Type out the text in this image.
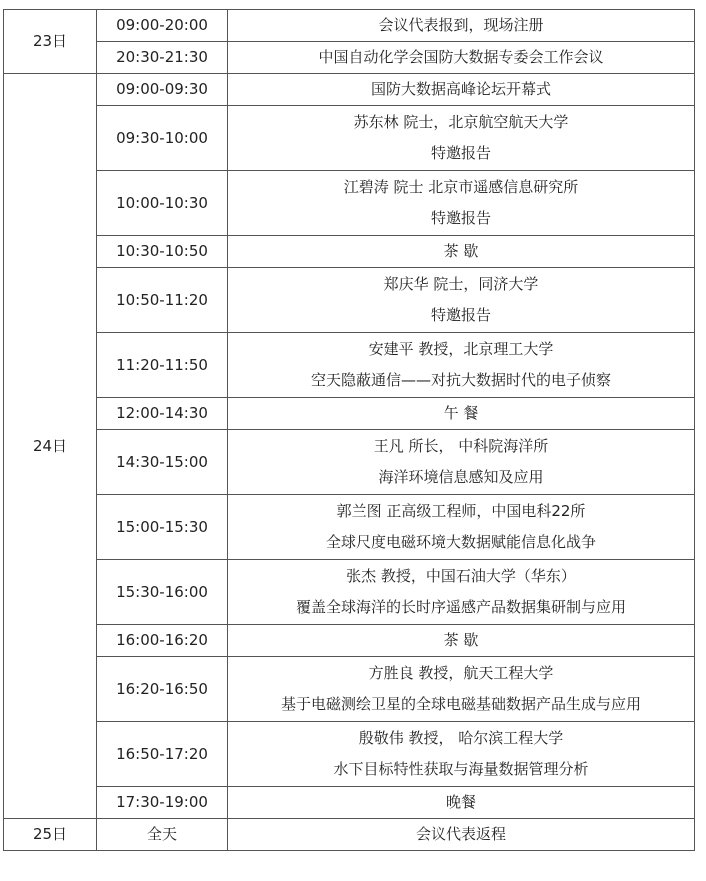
23日	09:00-20:00	会议代表报到，现场注册

	20:30-21:30	中国自动化学会国防大数据专委会工作会议

24日	09:00-09:30	国防大数据高峰论坛开幕式

	09:30-10:00	苏东林 院士，北京航空航天大学
特邀报告

	10:00-10:30	江碧涛 院士 北京市遥感信息研究所
特邀报告

	10:30-10:50	茶 歇

	10:50-11:20	郑庆华 院士，同济大学
特邀报告

	11:20-11:50	安建平 教授，北京理工大学
空天隐蔽通信——对抗大数据时代的电子侦察

	12:00-14:30	午 餐

	14:30-15:00	王凡 所长， 中科院海洋所
海洋环境信息感知及应用

	15:00-15:30	郭兰图 正高级工程师，中国电科22所
全球尺度电磁环境大数据赋能信息化战争

	15:30-16:00	张杰 教授，中国石油大学（华东）
覆盖全球海洋的长时序遥感产品数据集研制与应用

	16:00-16:20	茶 歇

	16:20-16:50	方胜良 教授，航天工程大学
基于电磁测绘卫星的全球电磁基础数据产品生成与应用

	16:50-17:20	殷敬伟 教授， 哈尔滨工程大学
水下目标特性获取与海量数据管理分析

	17:30-19:00	晚餐

25日	全天	会议代表返程
